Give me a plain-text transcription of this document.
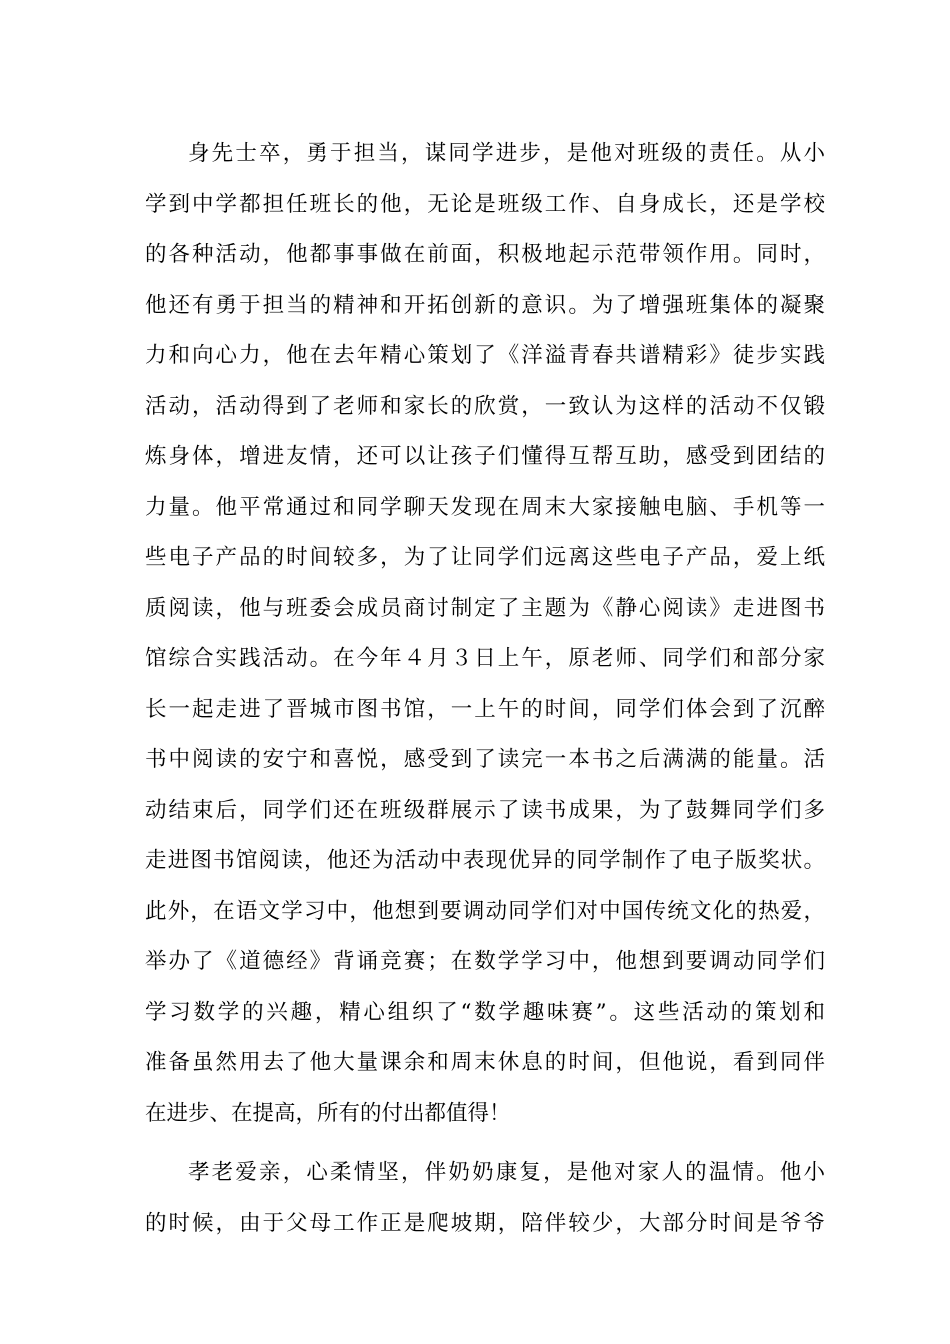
身先士卒，勇于担当，谋同学进步，是他对班级的责任。从小
学到中学都担任班长的他，无论是班级工作、自身成长，还是学校
的各种活动，他都事事做在前面，积极地起示范带领作用。同时，
他还有勇于担当的精神和开拓创新的意识。为了增强班集体的凝聚
力和向心力，他在去年精心策划了《洋溢青春共谱精彩》徒步实践
活动，活动得到了老师和家长的欣赏，一致认为这样的活动不仅锻
炼身体，增进友情，还可以让孩子们懂得互帮互助，感受到团结的
力量。他平常通过和同学聊天发现在周末大家接触电脑、手机等一
些电子产品的时间较多，为了让同学们远离这些电子产品，爱上纸
质阅读，他与班委会成员商讨制定了主题为《静心阅读》走进图书
馆综合实践活动。在今年４月３日上午，原老师、同学们和部分家
长一起走进了晋城市图书馆，一上午的时间，同学们体会到了沉醉
书中阅读的安宁和喜悦，感受到了读完一本书之后满满的能量。活
动结束后，同学们还在班级群展示了读书成果，为了鼓舞同学们多
走进图书馆阅读，他还为活动中表现优异的同学制作了电子版奖状。
此外，在语文学习中，他想到要调动同学们对中国传统文化的热爱，
举办了《道德经》背诵竞赛；在数学学习中，他想到要调动同学们
学习数学的兴趣，精心组织了“数学趣味赛”。这些活动的策划和
准备虽然用去了他大量课余和周末休息的时间，但他说，看到同伴
在进步、在提高，所有的付出都值得！
孝老爱亲，心柔情坚，伴奶奶康复，是他对家人的温情。他小
的时候，由于父母工作正是爬坡期，陪伴较少，大部分时间是爷爷
